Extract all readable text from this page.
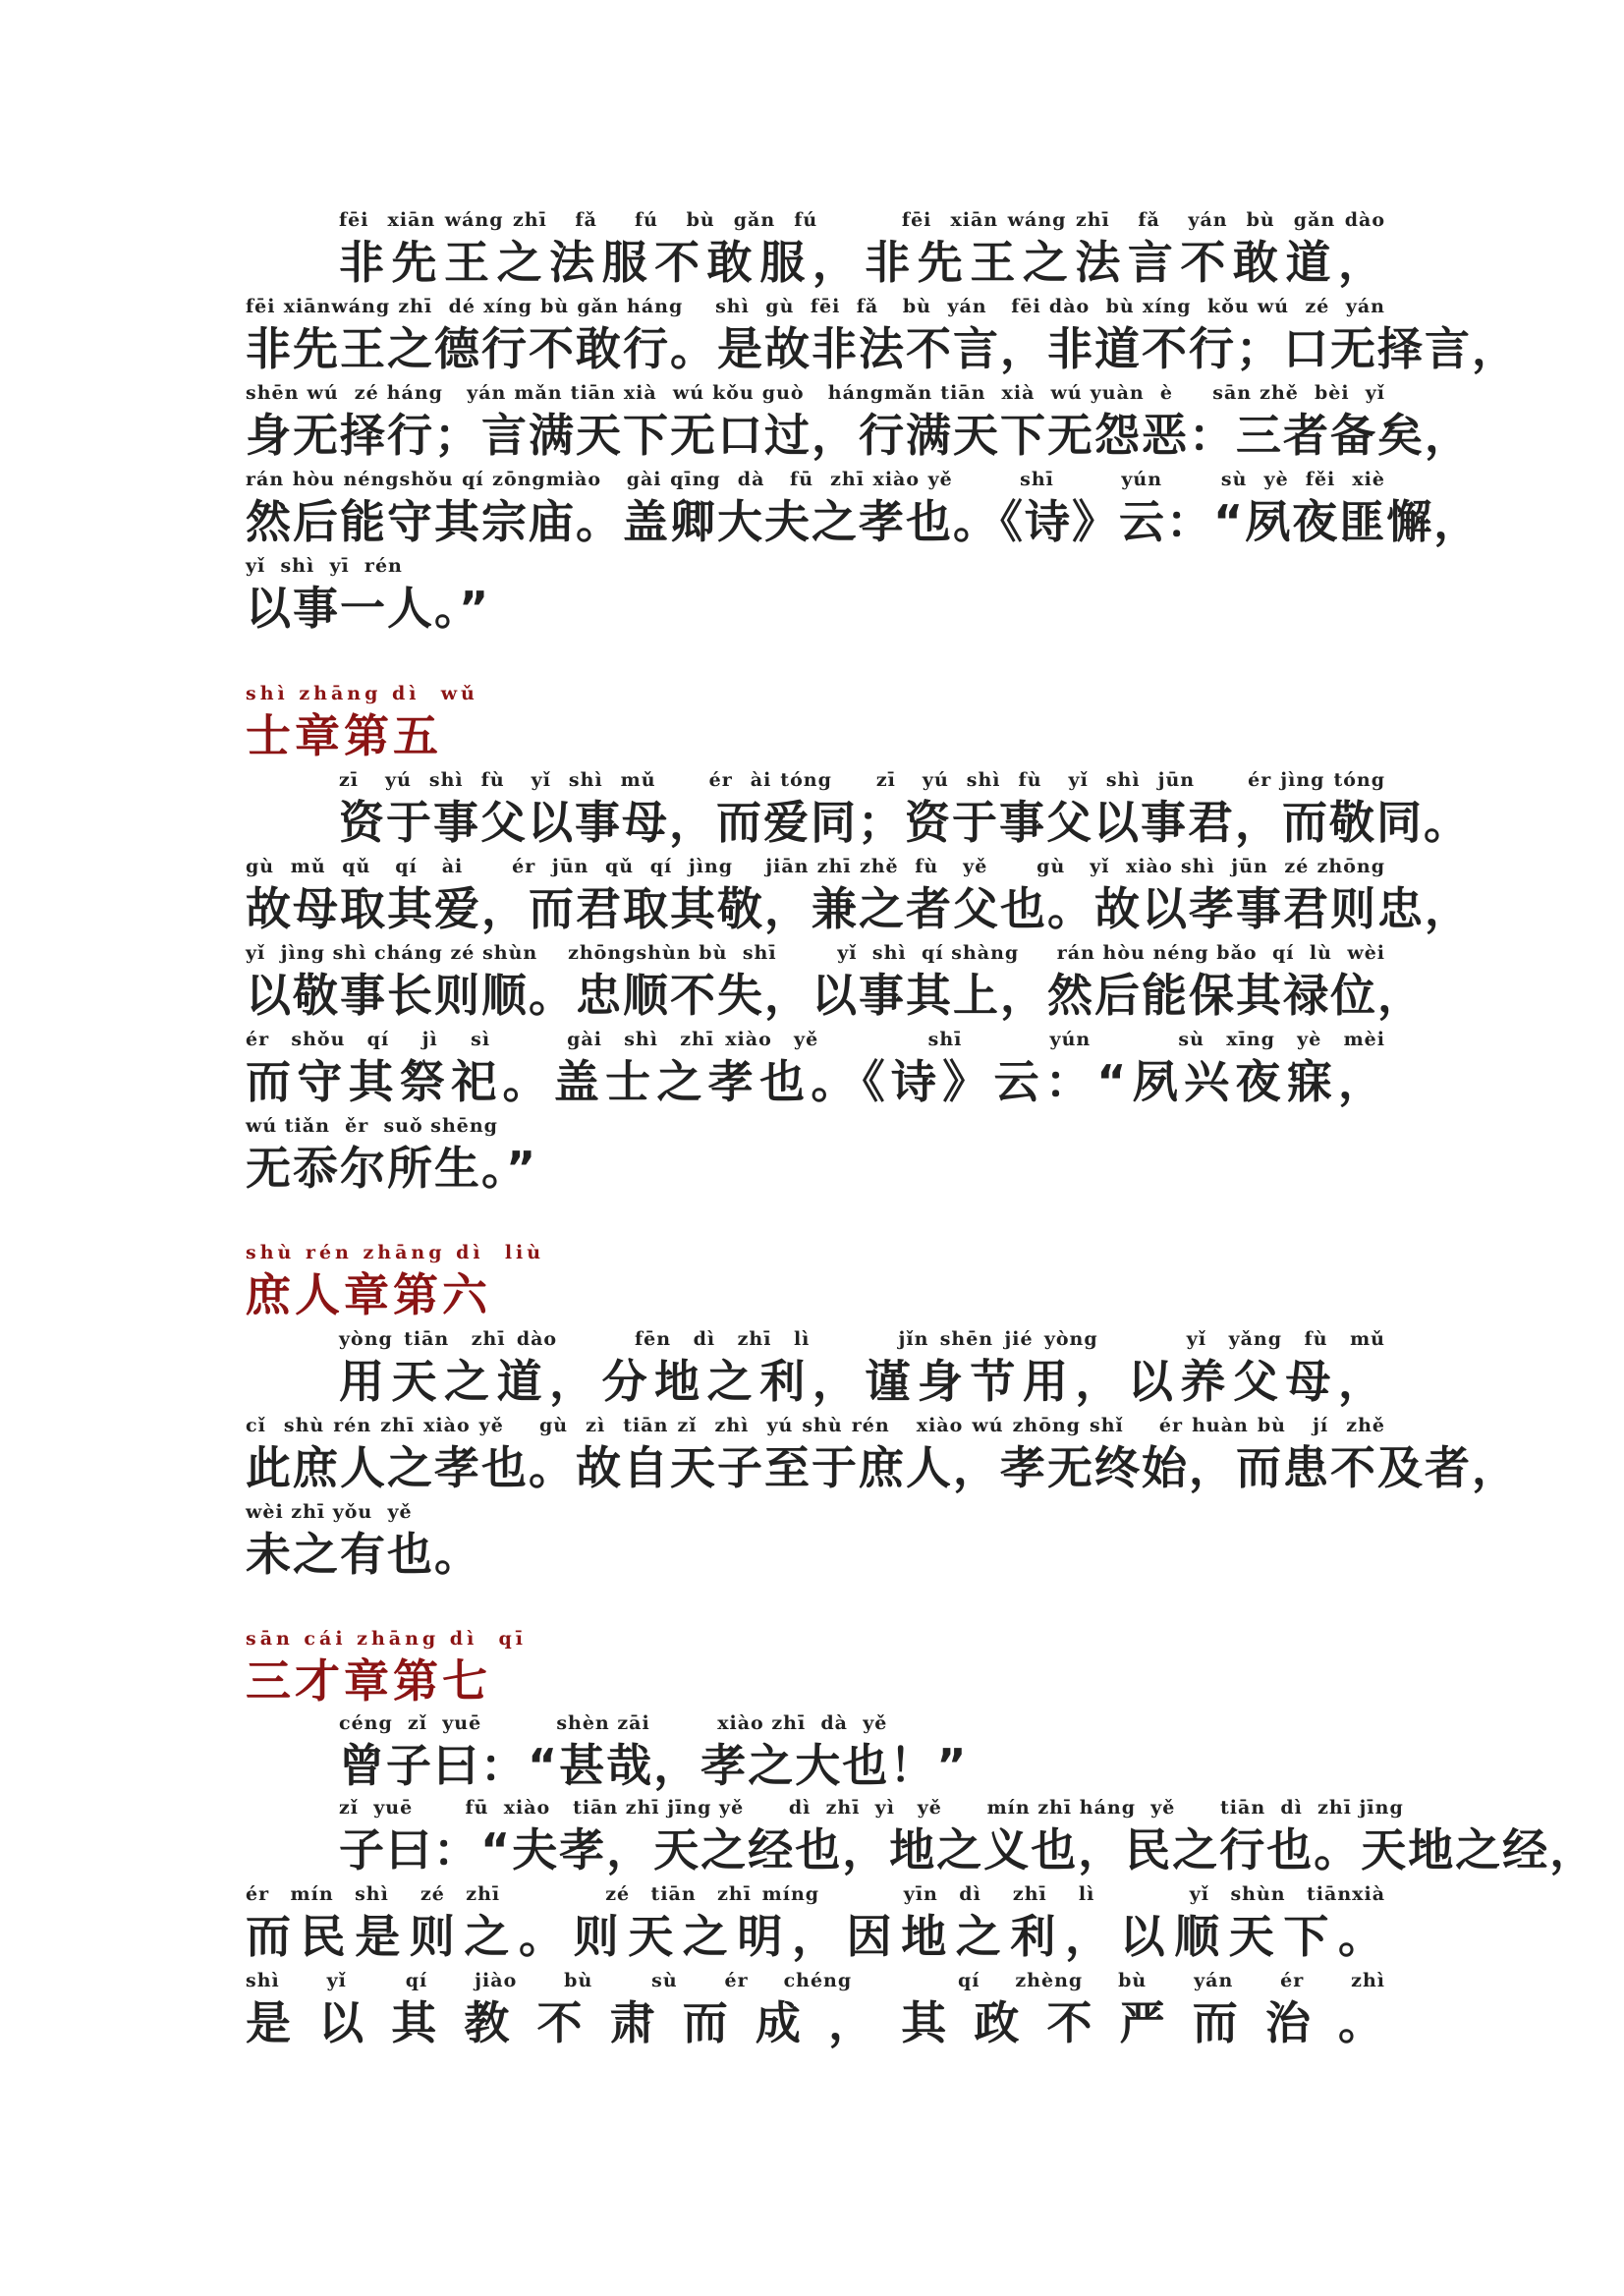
fēi  xiān wáng zhī   fǎ    fú   bù  gǎn  fú         fēi  xiān wáng zhī   fǎ   yán  bù  gǎn dào
非先王之法服不敢服，非先王之法言不敢道，
fēi xiānwáng zhī  dé xíng bù gǎn háng    shì  gù  fēi  fǎ   bù  yán   fēi dào  bù xíng  kǒu wú  zé  yán
非先王之德行不敢行。是故非法不言，非道不行；口无择言，
shēn wú  zé háng   yán mǎn tiān xià  wú kǒu guò   hángmǎn tiān  xià  wú yuàn  è     sān zhě  bèi  yǐ
身无择行；言满天下无口过，行满天下无怨恶：三者备矣，
rán hòu néngshǒu qí zōngmiào   gài qīng  dà   fū  zhī xiào yě        shī        yún       sù  yè  fěi  xiè
然后能守其宗庙。盖卿大夫之孝也。《诗》云：“夙夜匪懈，
yǐ  shì  yī  rén
以事一人。”
shì zhāng dì  wǔ
士章第五
zī   yú  shì  fù   yǐ  shì  mǔ      ér  ài tóng     zī   yú  shì  fù   yǐ  shì  jūn      ér jìng tóng
资于事父以事母，而爱同；资于事父以事君，而敬同。
gù  mǔ  qǔ   qí   ài      ér  jūn  qǔ  qí  jìng    jiān zhī zhě  fù   yě      gù   yǐ  xiào shì  jūn  zé zhōng
故母取其爱，而君取其敬，兼之者父也。故以孝事君则忠，
yǐ  jìng shì cháng zé shùn    zhōngshùn bù  shī        yǐ  shì  qí shàng     rán hòu néng bǎo  qí  lù  wèi
以敬事长则顺。忠顺不失，以事其上，然后能保其禄位，
ér  shǒu  qí   jì   sì       gài  shì  zhī xiào  yě          shī        yún        sù  xīng  yè  mèi
而守其祭祀。盖士之孝也。《诗》云：“夙兴夜寐，
wú tiǎn  ěr  suǒ shēng
无忝尔所生。”
shù rén zhāng dì  liù
庶人章第六
yòng tiān  zhī dào       fēn  dì  zhī  lì        jǐn shēn jié yòng        yǐ  yǎng  fù  mǔ
用天之道，分地之利，谨身节用，以养父母，
cǐ  shù rén zhī xiào yě    gù  zì  tiān zǐ  zhì  yú shù rén   xiào wú zhōng shǐ    ér huàn bù   jí  zhě
此庶人之孝也。故自天子至于庶人，孝无终始，而患不及者，
wèi zhī yǒu  yě
未之有也。
sān cái zhāng dì  qī
三才章第七
céng  zǐ  yuē          shèn zāi         xiào zhī  dà  yě
曾子曰：“甚哉，孝之大也！”
zǐ  yuē       fū  xiào   tiān zhī jīng yě      dì  zhī  yì   yě      mín zhī háng  yě      tiān  dì  zhī jīng
子曰：“夫孝，天之经也，地之义也，民之行也。天地之经，
ér  mín  shì   zé  zhī          zé  tiān  zhī míng        yīn  dì   zhī   lì         yǐ  shùn  tiānxià
而民是则之。则天之明，因地之利，以顺天下。
shì    yǐ     qí    jiào    bù     sù    ér   chéng         qí   zhèng   bù    yán    ér    zhì
是以其教不肃而成，其政不严而治。
